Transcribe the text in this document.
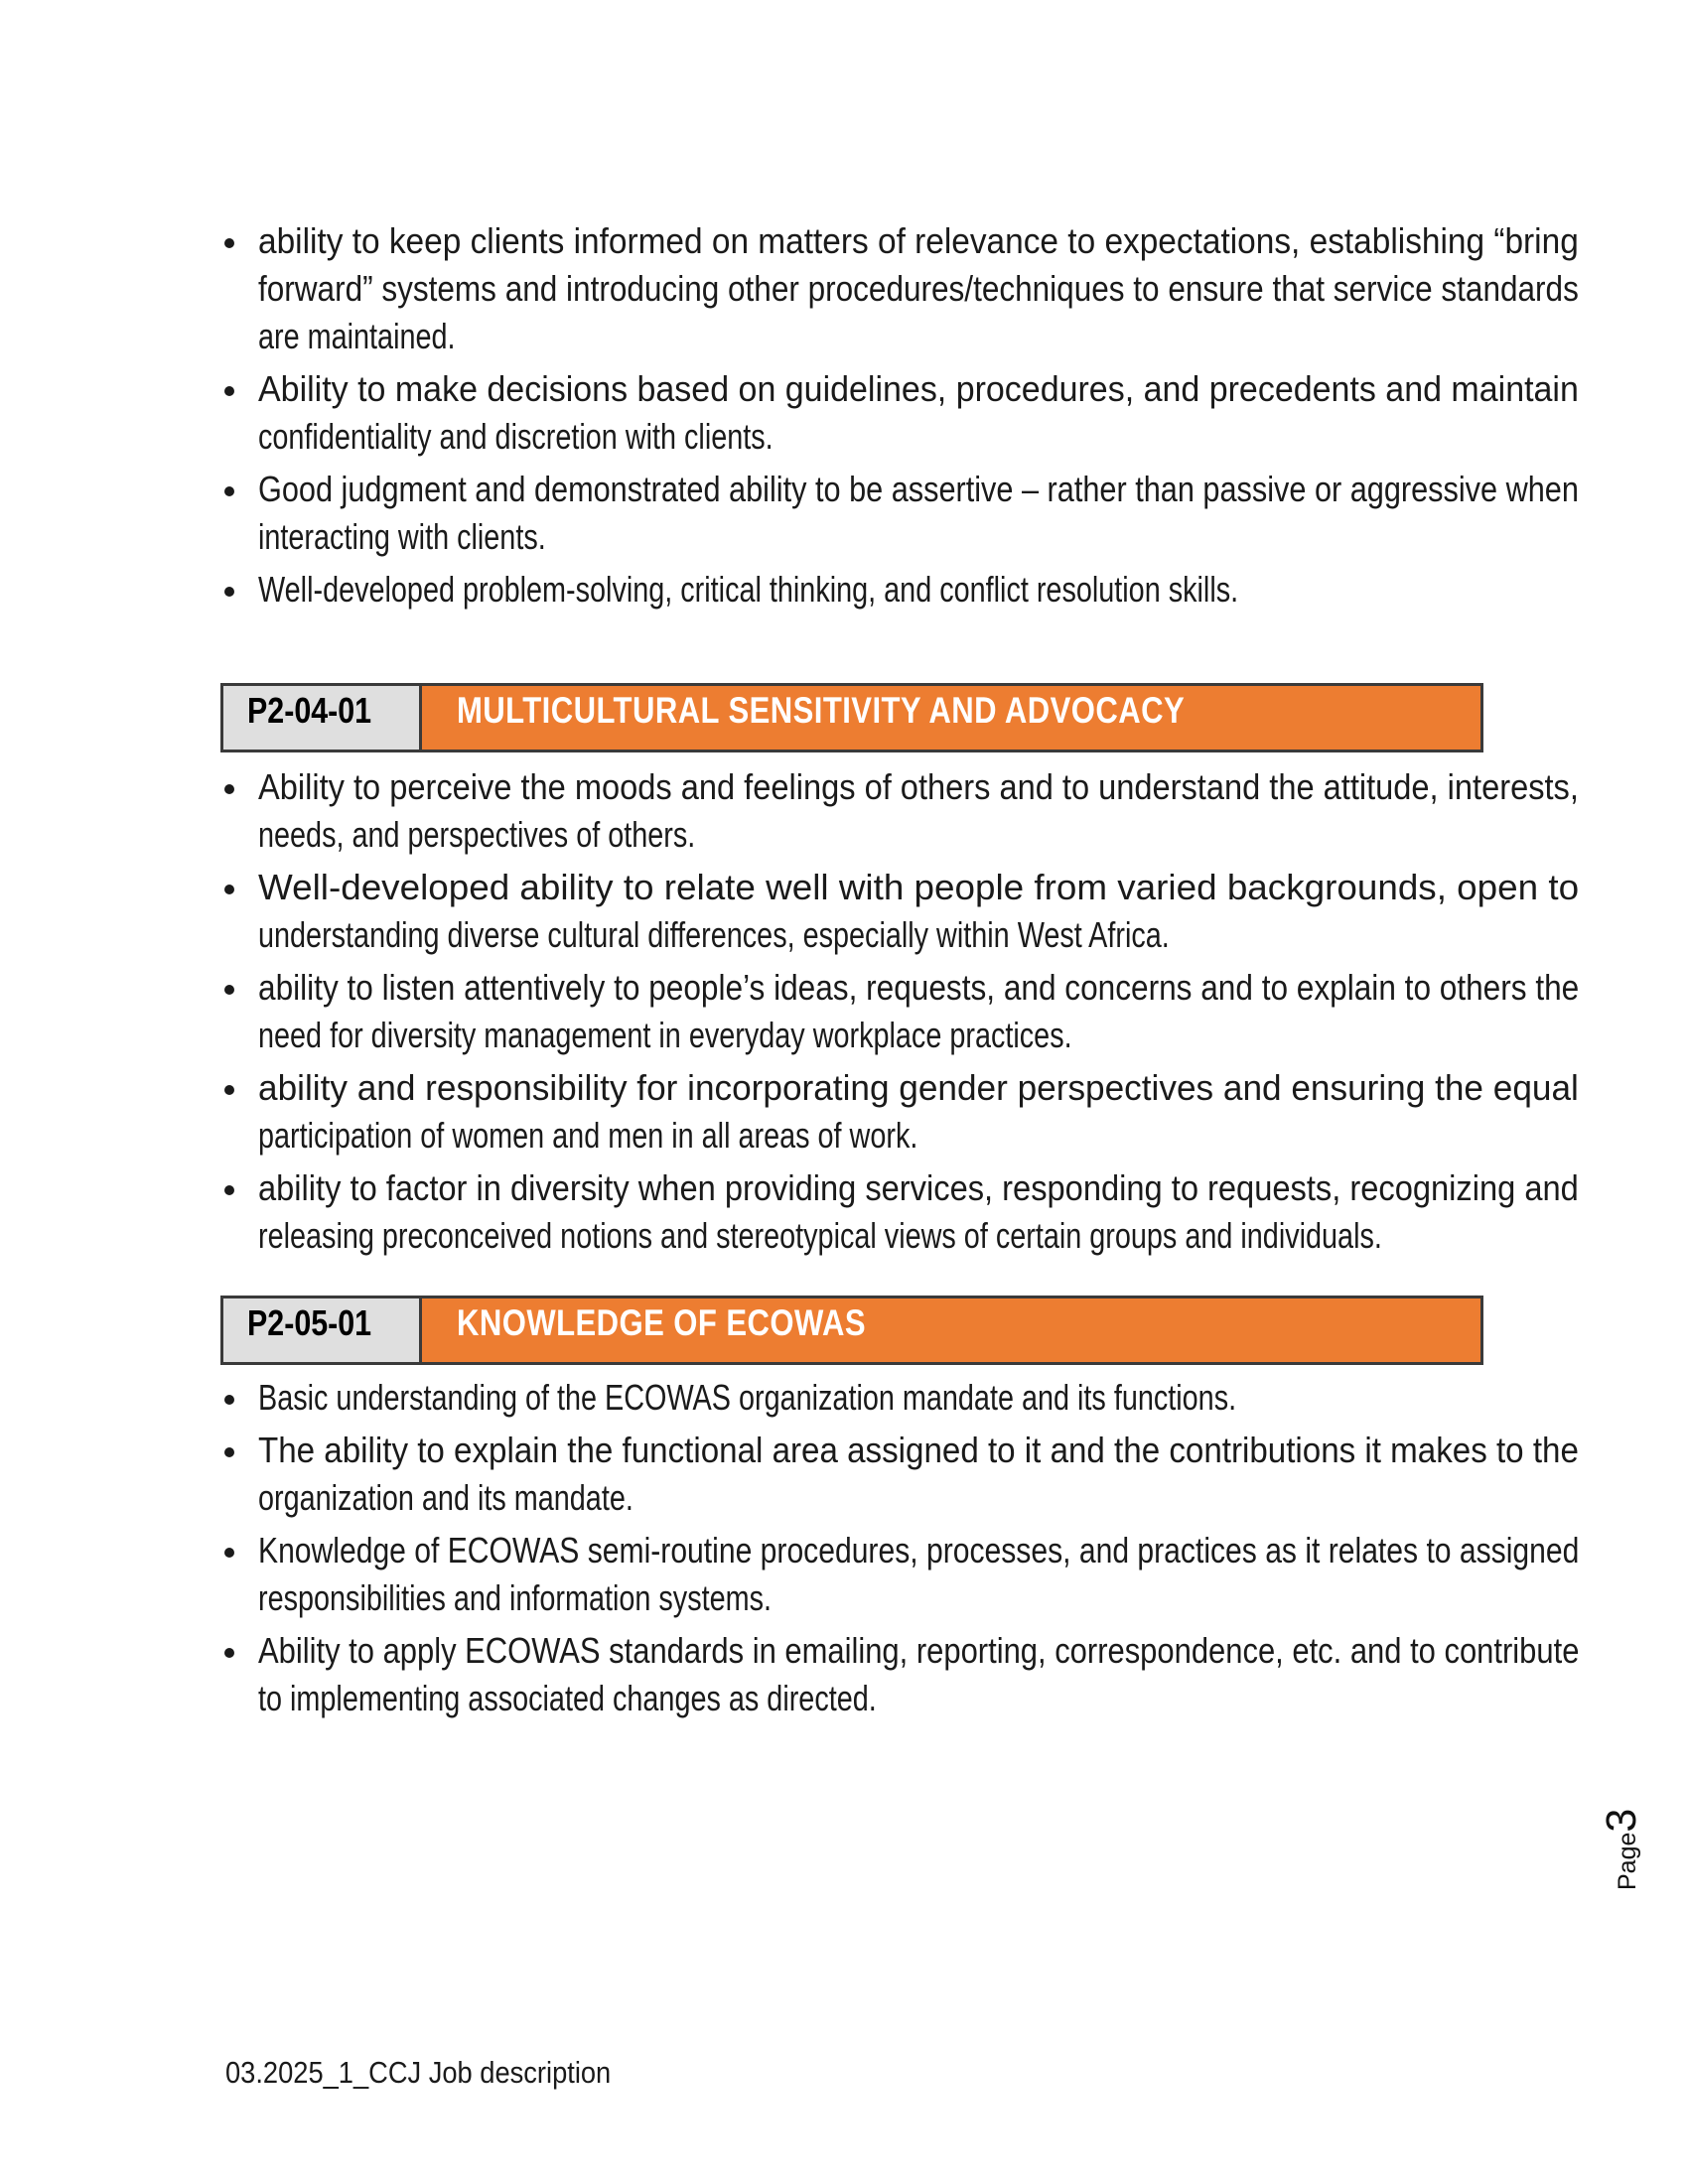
ability to keep clients informed on matters of relevance to expectations, establishing “bring
forward” systems and introducing other procedures/techniques to ensure that service standards
are maintained.
Ability to make decisions based on guidelines, procedures, and precedents and maintain
confidentiality and discretion with clients.
Good judgment and demonstrated ability to be assertive – rather than passive or aggressive when
interacting with clients.
Well-developed problem-solving, critical thinking, and conflict resolution skills.
P2-04-01 MULTICULTURAL SENSITIVITY AND ADVOCACY
Ability to perceive the moods and feelings of others and to understand the attitude, interests,
needs, and perspectives of others.
Well-developed ability to relate well with people from varied backgrounds, open to
understanding diverse cultural differences, especially within West Africa.
ability to listen attentively to people’s ideas, requests, and concerns and to explain to others the
need for diversity management in everyday workplace practices.
ability and responsibility for incorporating gender perspectives and ensuring the equal
participation of women and men in all areas of work.
ability to factor in diversity when providing services, responding to requests, recognizing and
releasing preconceived notions and stereotypical views of certain groups and individuals.
P2-05-01 KNOWLEDGE OF ECOWAS
Basic understanding of the ECOWAS organization mandate and its functions.
The ability to explain the functional area assigned to it and the contributions it makes to the
organization and its mandate.
Knowledge of ECOWAS semi-routine procedures, processes, and practices as it relates to assigned
responsibilities and information systems.
Ability to apply ECOWAS standards in emailing, reporting, correspondence, etc. and to contribute
to implementing associated changes as directed.
Page3

03.2025_1_CCJ Job description
